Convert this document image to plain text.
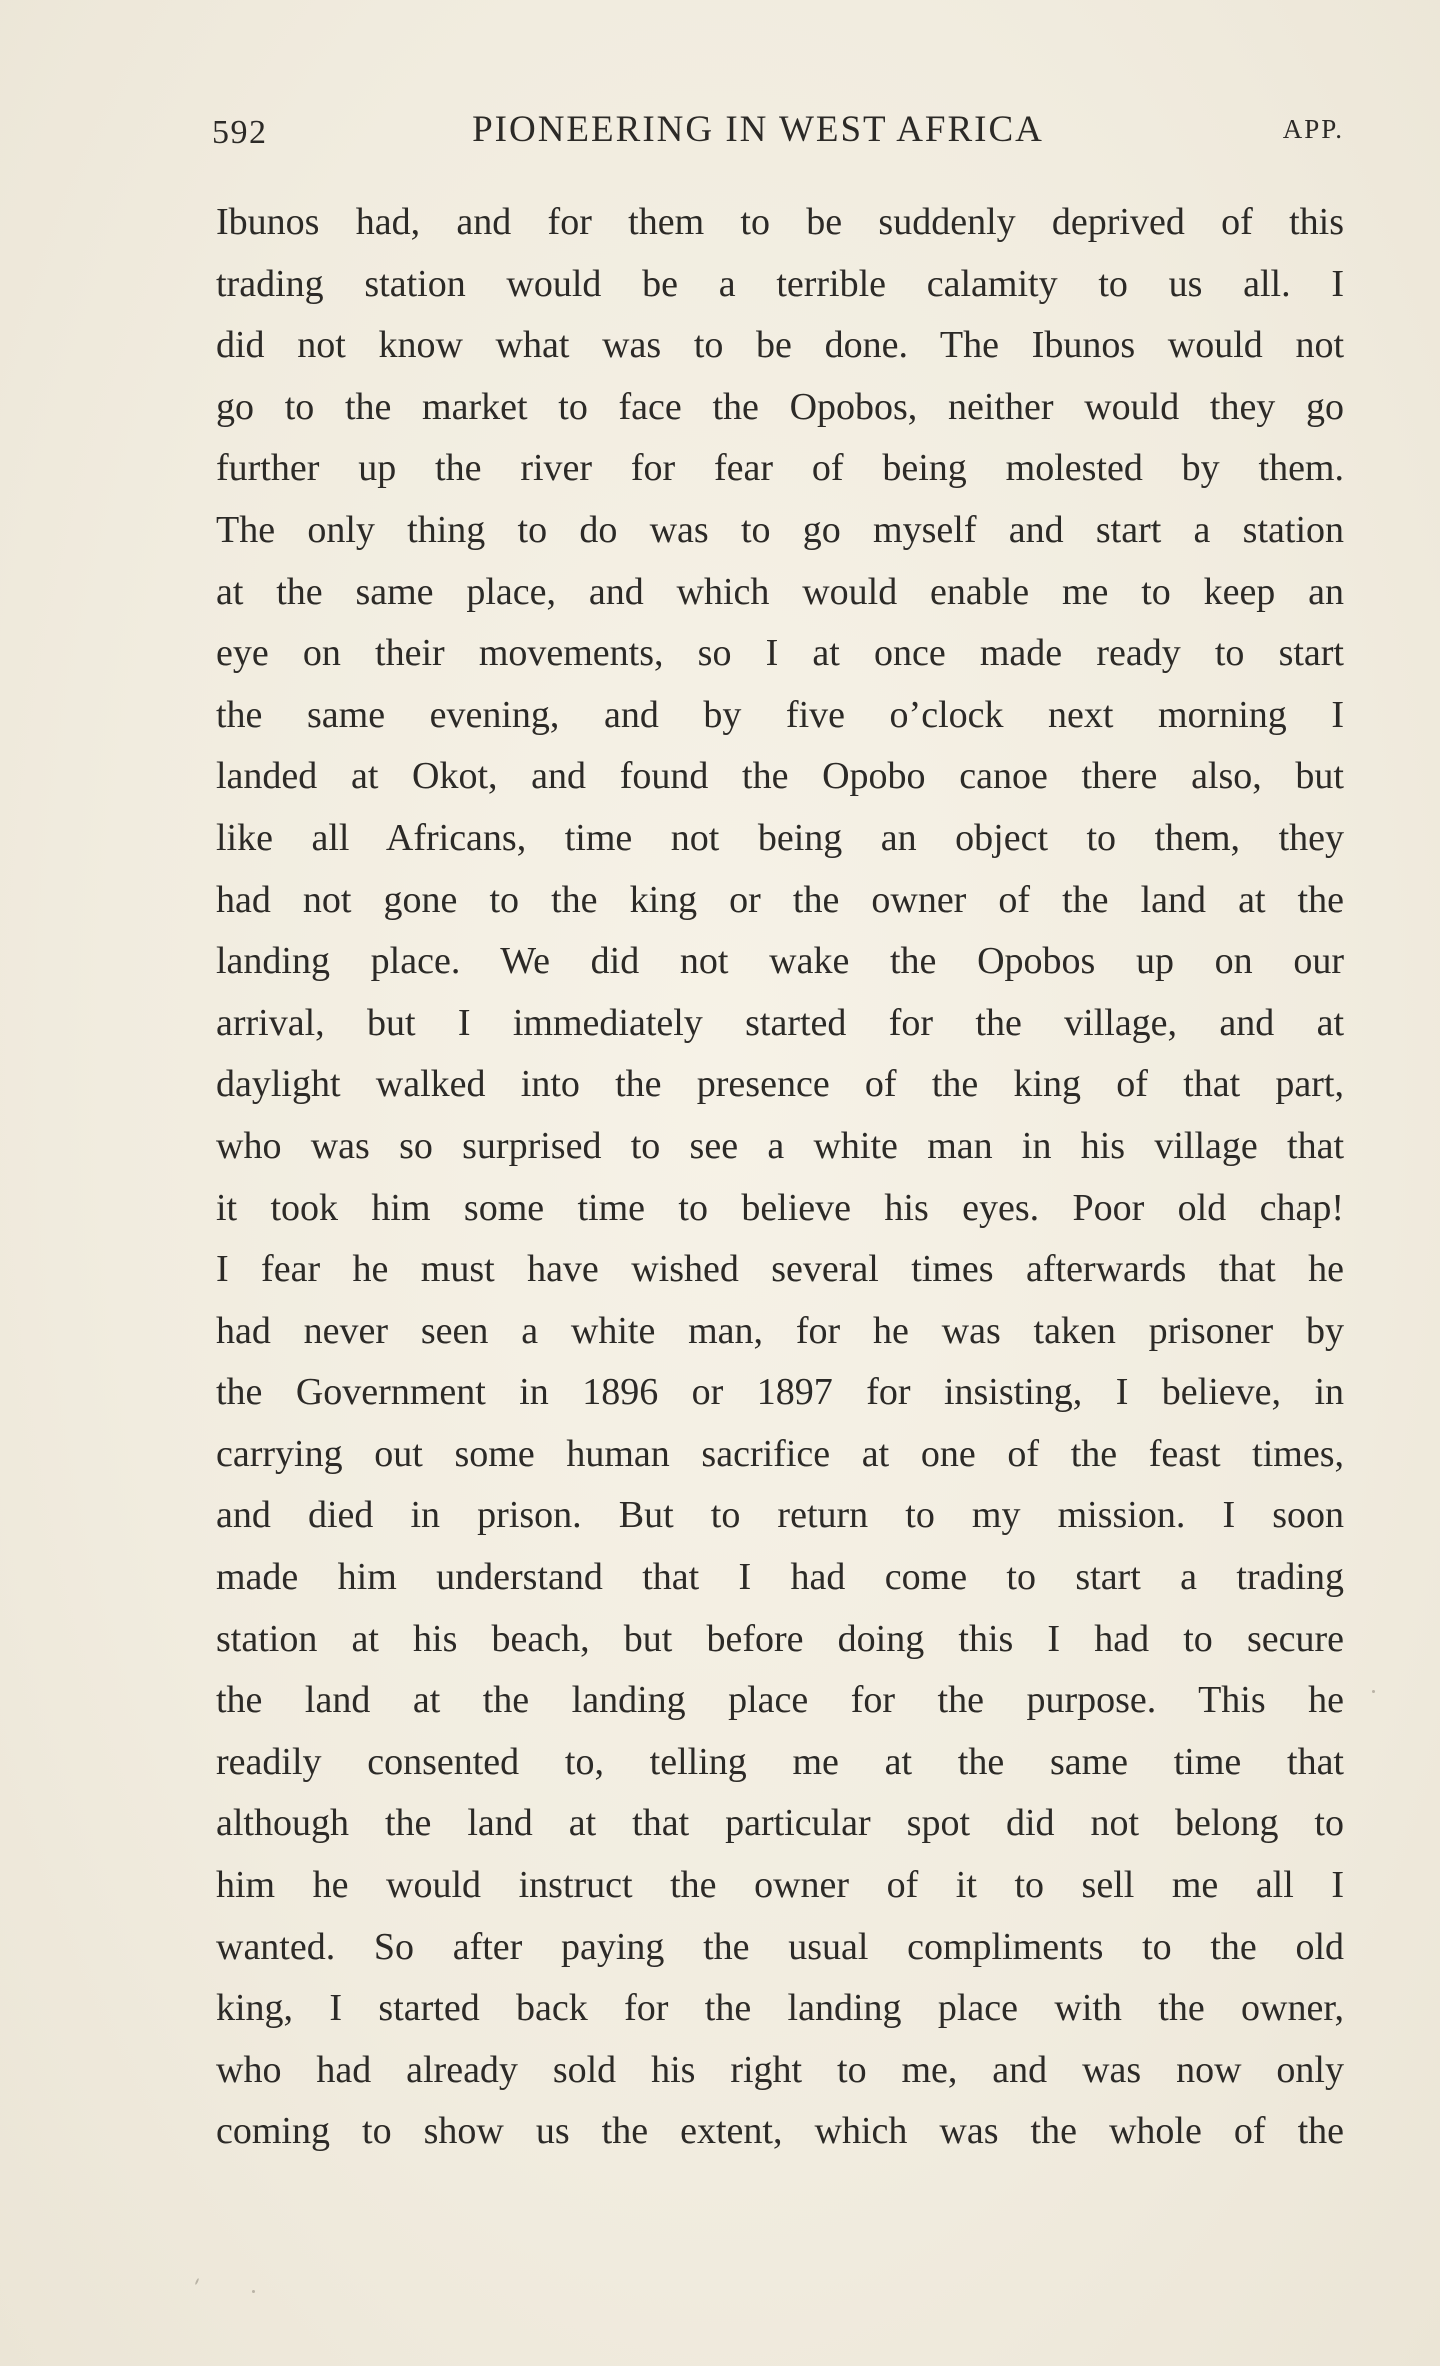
592	PIONEERING IN WEST AFRICA	APP.
Ibunos had, and for them to be suddenly deprived of this
trading station would be a terrible calamity to us all. I
did not know what was to be done. The Ibunos would not
go to the market to face the Opobos, neither would they go
further up the river for fear of being molested by them.
The only thing to do was to go myself and start a station
at the same place, and which would enable me to keep an
eye on their movements, so I at once made ready to start
the same evening, and by five o’clock next morning I
landed at Okot, and found the Opobo canoe there also, but
like all Africans, time not being an object to them, they
had not gone to the king or the owner of the land at the
landing place. We did not wake the Opobos up on our
arrival, but I immediately started for the village, and at
daylight walked into the presence of the king of that part,
who was so surprised to see a white man in his village that
it took him some time to believe his eyes. Poor old chap!
I fear he must have wished several times afterwards that he
had never seen a white man, for he was taken prisoner by
the Government in 1896 or 1897 for insisting, I believe, in
carrying out some human sacrifice at one of the feast times,
and died in prison. But to return to my mission. I soon
made him understand that I had come to start a trading
station at his beach, but before doing this I had to secure
the land at the landing place for the purpose. This he
readily consented to, telling me at the same time that
although the land at that particular spot did not belong to
him he would instruct the owner of it to sell me all I
wanted. So after paying the usual compliments to the old
king, I started back for the landing place with the owner,
who had already sold his right to me, and was now only
coming to show us the extent, which was the whole of the
